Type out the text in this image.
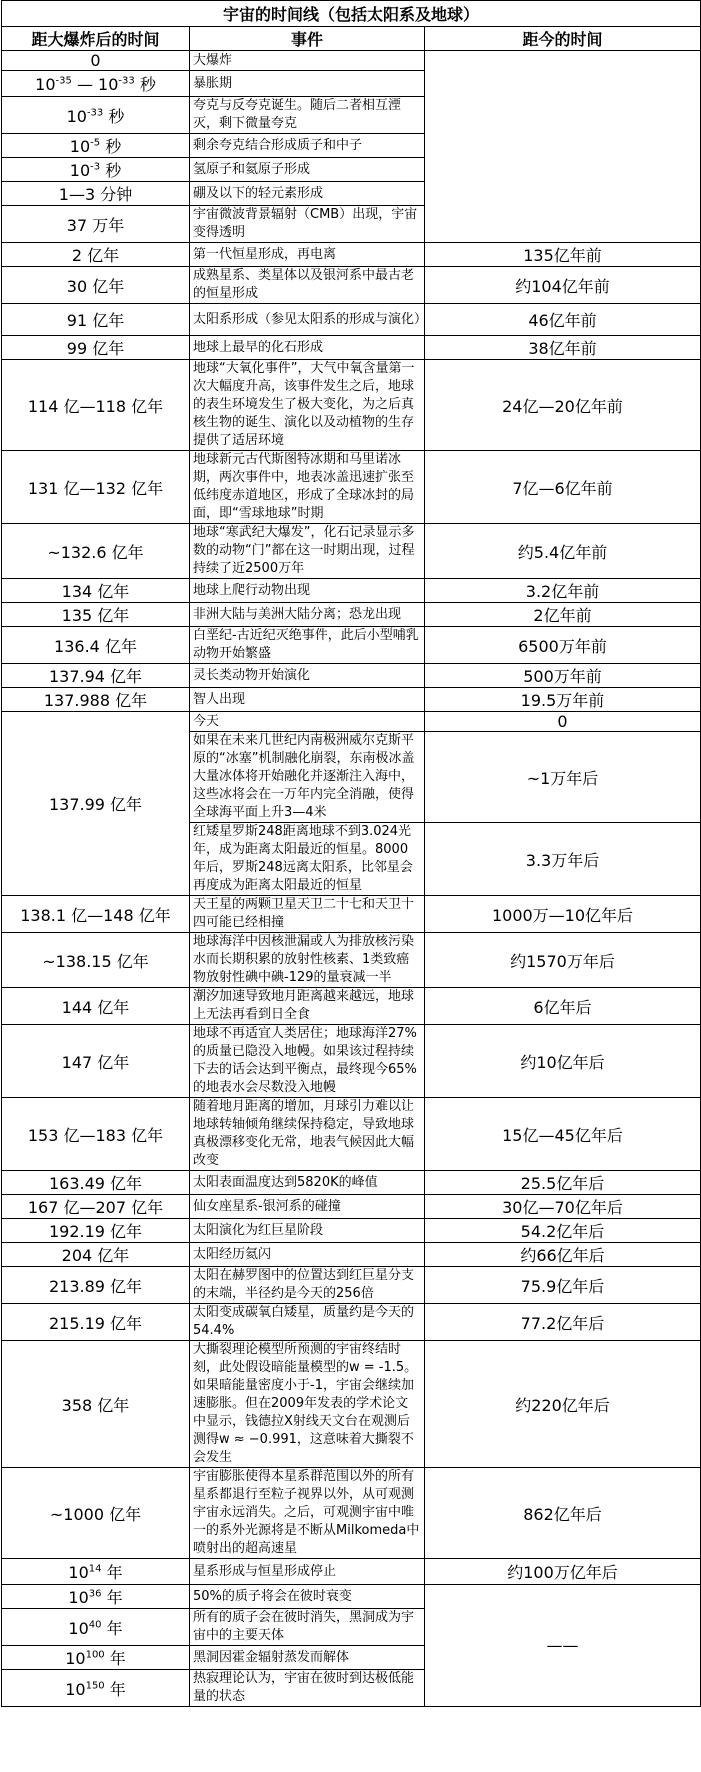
宇宙的时间线（包括太阳系及地球）		
距大爆炸后的时间	事件	距今的时间
0	大爆炸	
$10^{-35}$ — $10^{-33}$ 秒	暴胀期	
$10^{-33}$ 秒	夸克与反夸克诞生。随后二者相互湮灭，剩下微量夸克	
$10^{-5}$ 秒	剩余夸克结合形成质子和中子	
$10^{-3}$ 秒	氢原子和氦原子形成	
1—3 分钟	硼及以下的轻元素形成	
37 万年	宇宙微波背景辐射（CMB）出现，宇宙变得透明	
2 亿年	第一代恒星形成，再电离	135亿年前
30 亿年	成熟星系、类星体以及银河系中最古老的恒星形成	约104亿年前
91 亿年	太阳系形成（参见太阳系的形成与演化）	46亿年前
99 亿年	地球上最早的化石形成	38亿年前
114 亿—118 亿年	地球“大氧化事件”，大气中氧含量第一次大幅度升高，该事件发生之后，地球的表生环境发生了极大变化，为之后真核生物的诞生、演化以及动植物的生存提供了适居环境	24亿—20亿年前
131 亿—132 亿年	地球新元古代斯图特冰期和马里诺冰期，两次事件中，地表冰盖迅速扩张至低纬度赤道地区，形成了全球冰封的局面，即“雪球地球”时期	7亿—6亿年前
~132.6 亿年	地球“寒武纪大爆发”，化石记录显示多数的动物“门”都在这一时期出现，过程持续了近2500万年	约5.4亿年前
134 亿年	地球上爬行动物出现	3.2亿年前
135 亿年	非洲大陆与美洲大陆分离；恐龙出现	2亿年前
136.4 亿年	白垩纪-古近纪灭绝事件，此后小型哺乳动物开始繁盛	6500万年前
137.94 亿年	灵长类动物开始演化	500万年前
137.988 亿年	智人出现	19.5万年前
137.99 亿年	今天	0
	如果在未来几世纪内南极洲威尔克斯平原的“冰塞”机制融化崩裂，东南极冰盖大量冰体将开始融化并逐渐注入海中，这些冰将会在一万年内完全消融，使得全球海平面上升3—4米	~1万年后
	红矮星罗斯248距离地球不到3.024光年，成为距离太阳最近的恒星。8000年后，罗斯248远离太阳系，比邻星会再度成为距离太阳最近的恒星	3.3万年后
138.1 亿—148 亿年	天王星的两颗卫星天卫二十七和天卫十四可能已经相撞	1000万—10亿年后
~138.15 亿年	地球海洋中因核泄漏或人为排放核污染水而长期积累的放射性核素、1类致癌物放射性碘中碘-129的量衰减一半	约1570万年后
144 亿年	潮汐加速导致地月距离越来越远，地球上无法再看到日全食	6亿年后
147 亿年	地球不再适宜人类居住；地球海洋27%的质量已隐没入地幔。如果该过程持续下去的话会达到平衡点，最终现今65%的地表水会尽数没入地幔	约10亿年后
153 亿—183 亿年	随着地月距离的增加，月球引力难以让地球转轴倾角继续保持稳定，导致地球真极漂移变化无常，地表气候因此大幅改变	15亿—45亿年后
163.49 亿年	太阳表面温度达到5820K的峰值	25.5亿年后
167 亿—207 亿年	仙女座星系-银河系的碰撞	30亿—70亿年后
192.19 亿年	太阳演化为红巨星阶段	54.2亿年后
204 亿年	太阳经历氦闪	约66亿年后
213.89 亿年	太阳在赫罗图中的位置达到红巨星分支的末端，半径约是今天的256倍	75.9亿年后
215.19 亿年	太阳变成碳氧白矮星，质量约是今天的54.4%	77.2亿年后
358 亿年	大撕裂理论模型所预测的宇宙终结时刻，此处假设暗能量模型的w = -1.5。如果暗能量密度小于-1，宇宙会继续加速膨胀。但在2009年发表的学术论文中显示，钱德拉X射线天文台在观测后测得w ≈ −0.991，这意味着大撕裂不会发生	约220亿年后
~1000 亿年	宇宙膨胀使得本星系群范围以外的所有星系都退行至粒子视界以外，从可观测宇宙永远消失。之后，可观测宇宙中唯一的系外光源将是不断从Milkomeda中喷射出的超高速星	862亿年后
$10^{14}$ 年	星系形成与恒星形成停止	约100万亿年后
$10^{36}$ 年	50%的质子将会在彼时衰变	——
$10^{40}$ 年	所有的质子会在彼时消失，黑洞成为宇宙中的主要天体	
$10^{100}$ 年	黑洞因霍金辐射蒸发而解体	
$10^{150}$ 年	热寂理论认为，宇宙在彼时到达极低能量的状态	
